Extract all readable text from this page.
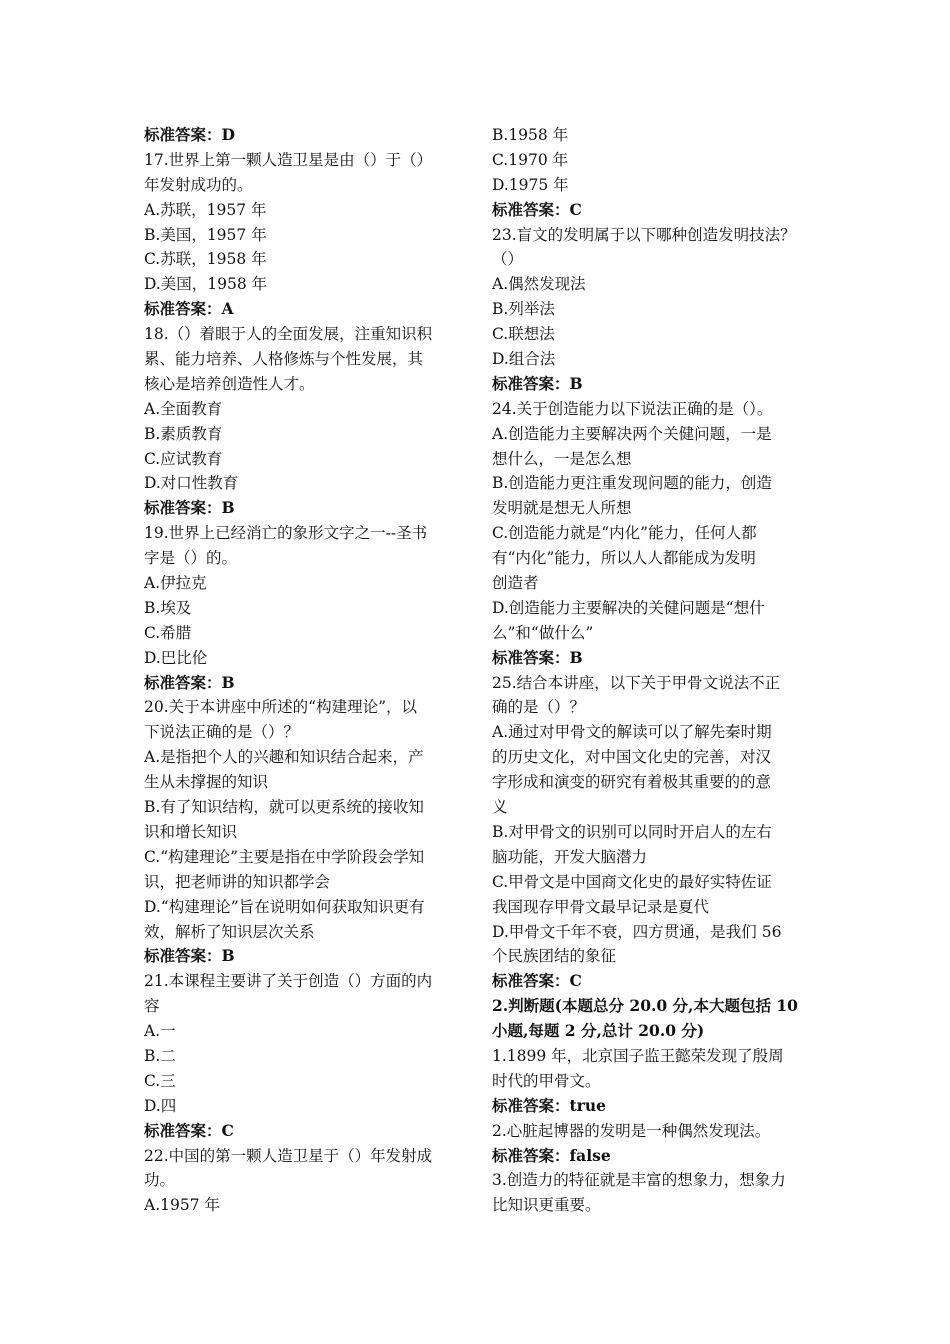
标准答案：D
17.世界上第一颗人造卫星是由（）于（）
年发射成功的。
A.苏联，1957 年
B.美国，1957 年
C.苏联，1958 年
D.美国，1958 年
标准答案：A
18.（）着眼于人的全面发展，注重知识积
累、能力培养、人格修炼与个性发展，其
核心是培养创造性人才。
A.全面教育
B.素质教育
C.应试教育
D.对口性教育
标准答案：B
19.世界上已经消亡的象形文字之一--圣书
字是（）的。
A.伊拉克
B.埃及
C.希腊
D.巴比伦
标准答案：B
20.关于本讲座中所述的“构建理论”，以
下说法正确的是（）？
A.是指把个人的兴趣和知识结合起来，产
生从未撑握的知识
B.有了知识结构，就可以更系统的接收知
识和增长知识
C.“构建理论”主要是指在中学阶段会学知
识，把老师讲的知识都学会
D.“构建理论”旨在说明如何获取知识更有
效，解析了知识层次关系
标准答案：B
21.本课程主要讲了关于创造（）方面的内
容
A.一
B.二
C.三
D.四
标准答案：C
22.中国的第一颗人造卫星于（）年发射成
功。
A.1957 年
B.1958 年
C.1970 年
D.1975 年
标准答案：C
23.盲文的发明属于以下哪种创造发明技法？
（）
A.偶然发现法
B.列举法
C.联想法
D.组合法
标准答案：B
24.关于创造能力以下说法正确的是（）。
A.创造能力主要解决两个关健问题，一是
想什么，一是怎么想
B.创造能力更注重发现问题的能力，创造
发明就是想无人所想
C.创造能力就是“内化”能力，任何人都
有“内化”能力，所以人人都能成为发明
创造者
D.创造能力主要解决的关健问题是“想什
么”和“做什么”
标准答案：B
25.结合本讲座，以下关于甲骨文说法不正
确的是（）？
A.通过对甲骨文的解读可以了解先秦时期
的历史文化，对中国文化史的完善，对汉
字形成和演变的研究有着极其重要的的意
义
B.对甲骨文的识别可以同时开启人的左右
脑功能，开发大脑潜力
C.甲骨文是中国商文化史的最好实特佐证
我国现存甲骨文最早记录是夏代
D.甲骨文千年不衰，四方贯通，是我们 56
个民族团结的象征
标准答案：C
2.判断题(本题总分 20.0 分,本大题包括 10
小题,每题 2 分,总计 20.0 分)
1.1899 年，北京国子监王懿荣发现了殷周
时代的甲骨文。
标准答案：true
2.心脏起博器的发明是一种偶然发现法。
标准答案：false
3.创造力的特征就是丰富的想象力，想象力
比知识更重要。
